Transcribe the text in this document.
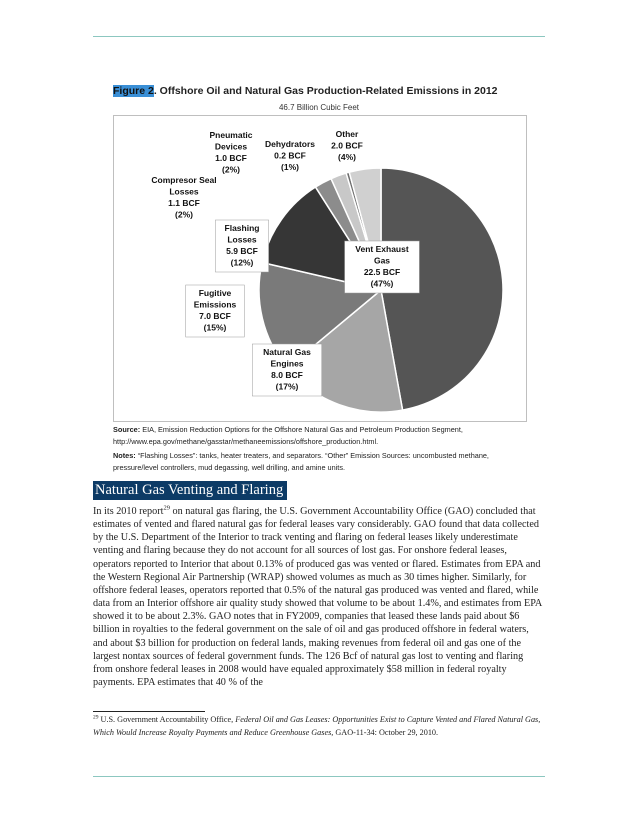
Figure 2. Offshore Oil and Natural Gas Production-Related Emissions in 2012
46.7 Billion Cubic Feet
Vent Exhaust
Gas
22.5 BCF
(47%)
Natural Gas
Engines
8.0 BCF
(17%)
Fugitive
Emissions
7.0 BCF
(15%)
Flashing
Losses
5.9 BCF
(12%)
Compresor Seal
Losses
1.1 BCF
(2%)
Pneumatic
Devices
1.0 BCF
(2%)
Dehydrators
0.2 BCF
(1%)
Other
2.0 BCF
(4%)

Source: EIA, Emission Reduction Options for the Offshore Natural Gas and Petroleum Production Segment, http://www.epa.gov/methane/gasstar/methaneemissions/offshore_production.html.

Notes: “Flashing Losses”: tanks, heater treaters, and separators. “Other” Emission Sources: uncombusted methane, pressure/level controllers, mud degassing, well drilling, and amine units.

Natural Gas Venting and Flaring

In its 2010 report$^{29}$ on natural gas flaring, the U.S. Government Accountability Office (GAO) concluded that estimates of vented and flared natural gas for federal leases vary considerably. GAO found that data collected by the U.S. Department of the Interior to track venting and flaring on federal leases likely underestimate venting and flaring because they do not account for all sources of lost gas. For onshore federal leases, operators reported to Interior that about 0.13% of produced gas was vented or flared. Estimates from EPA and the Western Regional Air Partnership (WRAP) showed volumes as much as 30 times higher. Similarly, for offshore federal leases, operators reported that 0.5% of the natural gas produced was vented and flared, while data from an Interior offshore air quality study showed that volume to be about 1.4%, and estimates from EPA showed it to be about 2.3%. GAO notes that in FY2009, companies that leased these lands paid about $6 billion in royalties to the federal government on the sale of oil and gas produced offshore in federal waters, and about $3 billion for production on federal lands, making revenues from federal oil and gas one of the largest nontax sources of federal government funds. The 126 Bcf of natural gas lost to venting and flaring from onshore federal leases in 2008 would have equaled approximately $58 million in federal royalty payments. EPA estimates that 40 % of the

$^{29}$ U.S. Government Accountability Office, Federal Oil and Gas Leases: Opportunities Exist to Capture Vented and Flared Natural Gas, Which Would Increase Royalty Payments and Reduce Greenhouse Gases, GAO-11-34: October 29, 2010.
